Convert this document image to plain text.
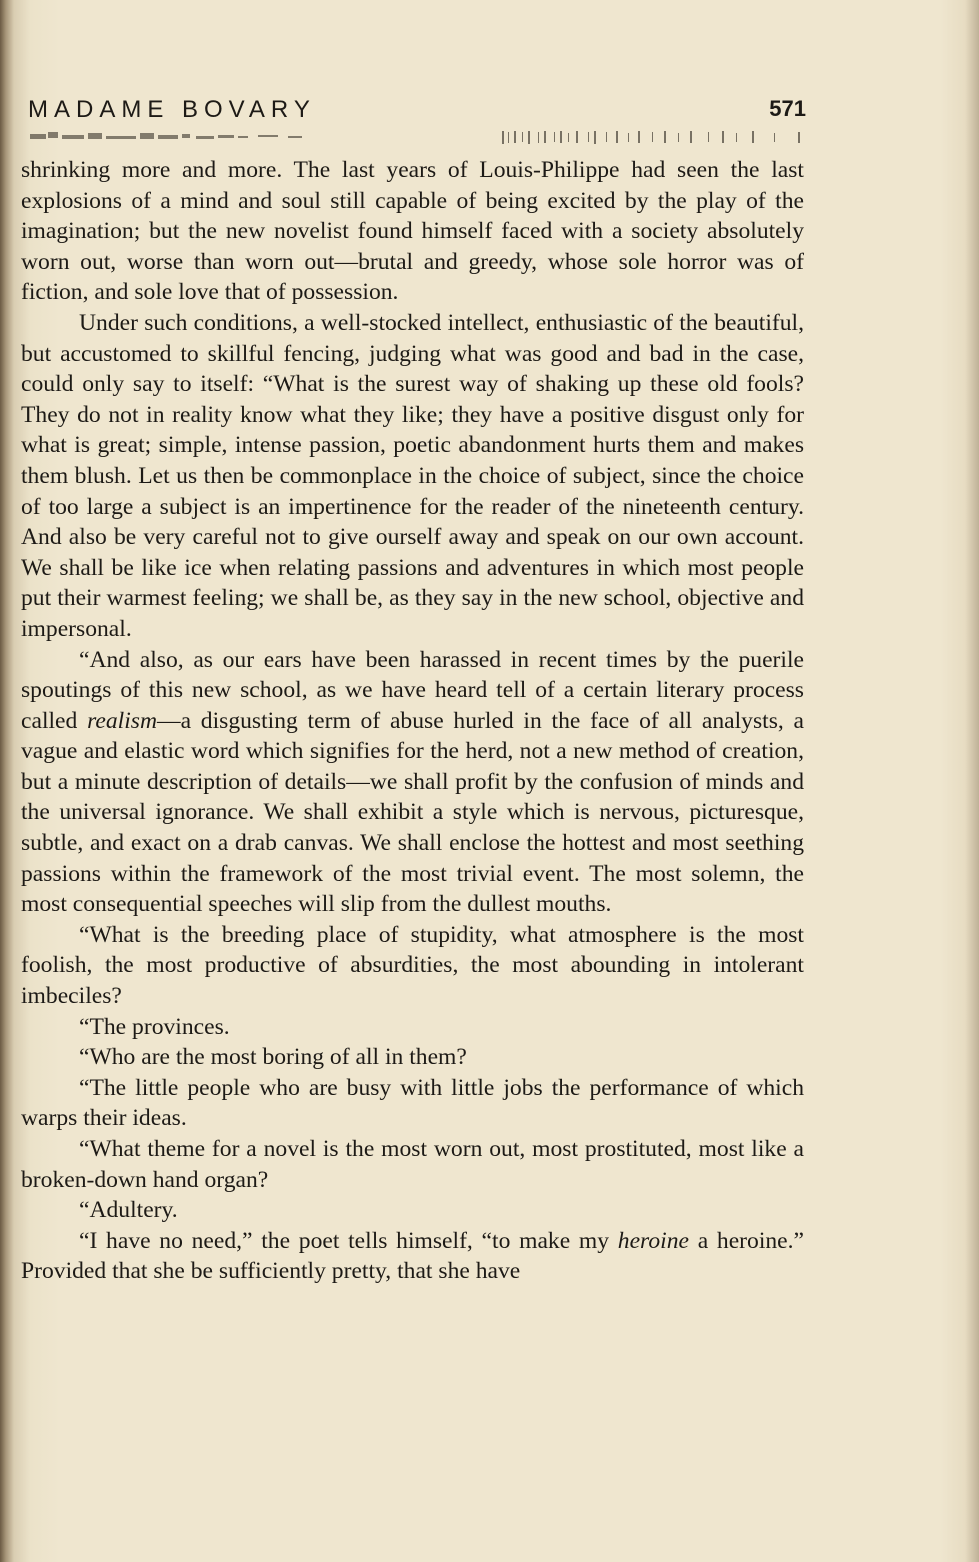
MADAME BOVARY	571

shrinking more and more. The last years of Louis-Philippe had seen the last explosions of a mind and soul still capable of being excited by the play of the imagination; but the new novelist found himself faced with a society absolutely worn out, worse than worn out—brutal and greedy, whose sole horror was of fiction, and sole love that of possession.

Under such conditions, a well-stocked intellect, enthusiastic of the beautiful, but accustomed to skillful fencing, judging what was good and bad in the case, could only say to itself: “What is the surest way of shaking up these old fools? They do not in reality know what they like; they have a positive disgust only for what is great; simple, intense passion, poetic abandonment hurts them and makes them blush. Let us then be commonplace in the choice of subject, since the choice of too large a subject is an impertinence for the reader of the nineteenth century. And also be very careful not to give ourself away and speak on our own account. We shall be like ice when relating passions and adventures in which most people put their warmest feeling; we shall be, as they say in the new school, objective and impersonal.

“And also, as our ears have been harassed in recent times by the puerile spoutings of this new school, as we have heard tell of a certain literary process called realism—a disgusting term of abuse hurled in the face of all analysts, a vague and elastic word which signifies for the herd, not a new method of creation, but a minute description of details—we shall profit by the confusion of minds and the universal ignorance. We shall exhibit a style which is nervous, picturesque, subtle, and exact on a drab canvas. We shall enclose the hottest and most seething passions within the framework of the most trivial event. The most solemn, the most consequential speeches will slip from the dullest mouths.

“What is the breeding place of stupidity, what atmosphere is the most foolish, the most productive of absurdities, the most abounding in intolerant imbeciles?

“The provinces.

“Who are the most boring of all in them?

“The little people who are busy with little jobs the performance of which warps their ideas.

“What theme for a novel is the most worn out, most prostituted, most like a broken-down hand organ?

“Adultery.

“I have no need,” the poet tells himself, “to make my heroine a heroine.” Provided that she be sufficiently pretty, that she have
